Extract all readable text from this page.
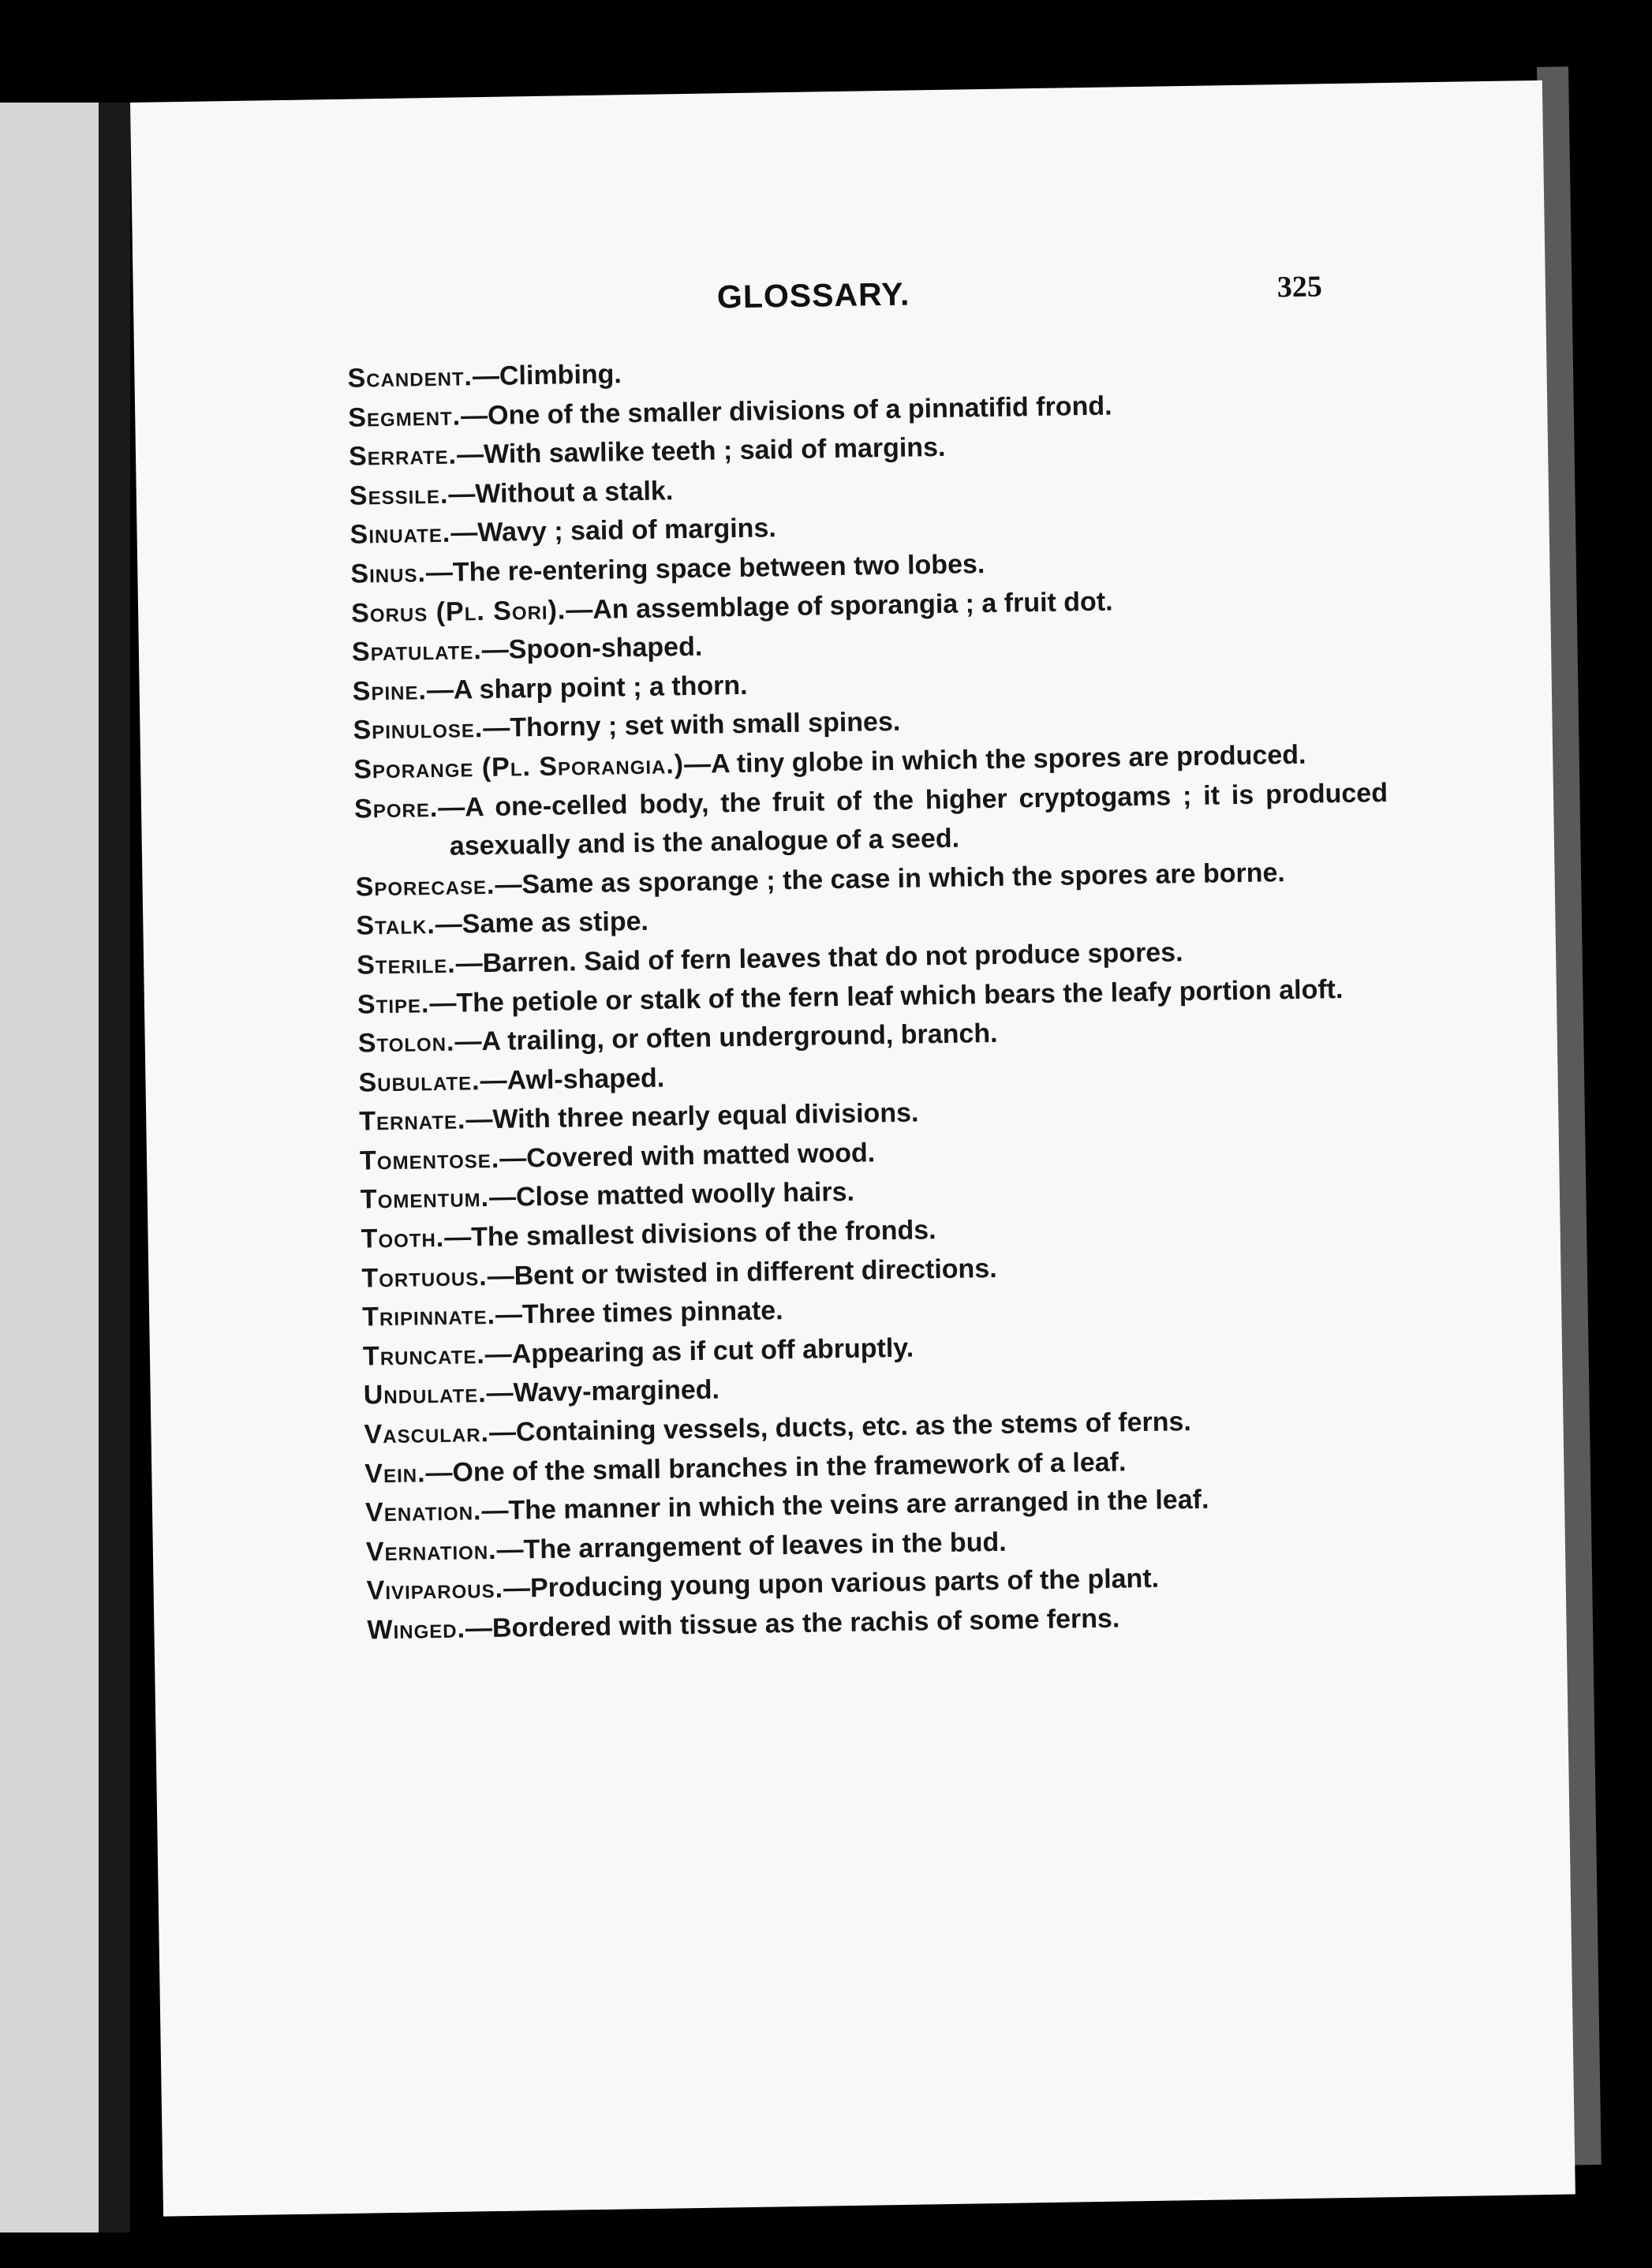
GLOSSARY.	325
Scandent.—Climbing.
Segment.—One of the smaller divisions of a pinnatifid frond.
Serrate.—With sawlike teeth ; said of margins.
Sessile.—Without a stalk.
Sinuate.—Wavy ; said of margins.
Sinus.—The re-entering space between two lobes.
Sorus (Pl. Sori).—An assemblage of sporangia ; a fruit dot.
Spatulate.—Spoon-shaped.
Spine.—A sharp point ; a thorn.
Spinulose.—Thorny ; set with small spines.
Sporange (Pl. Sporangia.)—A tiny globe in which the spores are produced.
Spore.—A one-celled body, the fruit of the higher cryptogams ; it is produced asexually and is the analogue of a seed.
Sporecase.—Same as sporange ; the case in which the spores are borne.
Stalk.—Same as stipe.
Sterile.—Barren. Said of fern leaves that do not produce spores.
Stipe.—The petiole or stalk of the fern leaf which bears the leafy portion aloft.
Stolon.—A trailing, or often underground, branch.
Subulate.—Awl-shaped.
Ternate.—With three nearly equal divisions.
Tomentose.—Covered with matted wood.
Tomentum.—Close matted woolly hairs.
Tooth.—The smallest divisions of the fronds.
Tortuous.—Bent or twisted in different directions.
Tripinnate.—Three times pinnate.
Truncate.—Appearing as if cut off abruptly.
Undulate.—Wavy-margined.
Vascular.—Containing vessels, ducts, etc. as the stems of ferns.
Vein.—One of the small branches in the framework of a leaf.
Venation.—The manner in which the veins are arranged in the leaf.
Vernation.—The arrangement of leaves in the bud.
Viviparous.—Producing young upon various parts of the plant.
Winged.—Bordered with tissue as the rachis of some ferns.
